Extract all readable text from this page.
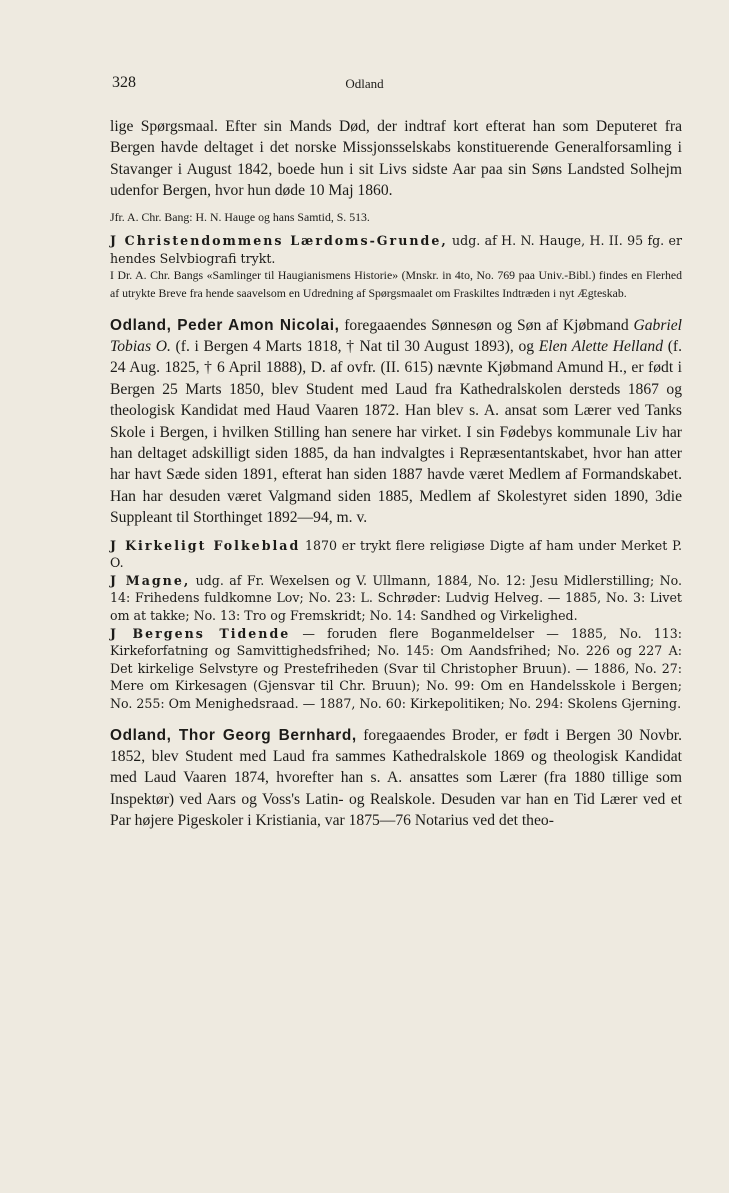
328	Odland

lige Spørgsmaal. Efter sin Mands Død, der indtraf kort efterat han som Deputeret fra Bergen havde deltaget i det norske Missjonsselskabs konstituerende Generalforsamling i Stavanger i August 1842, boede hun i sit Livs sidste Aar paa sin Søns Landsted Solhejm udenfor Bergen, hvor hun døde 10 Maj 1860.

Jfr. A. Chr. Bang: H. N. Hauge og hans Samtid, S. 513.

J Christendommens Lærdoms-Grunde, udg. af H. N. Hauge, H. II. 95 fg. er hendes Selvbiografi trykt.

I Dr. A. Chr. Bangs «Samlinger til Haugianismens Historie» (Mnskr. in 4to, No. 769 paa Univ.-Bibl.) findes en Flerhed af utrykte Breve fra hende saavelsom en Udredning af Spørgsmaalet om Fraskiltes Indtræden i nyt Ægteskab.

Odland, Peder Amon Nicolai, foregaaendes Sønnesøn og Søn af Kjøbmand Gabriel Tobias O. (f. i Bergen 4 Marts 1818, † Nat til 30 August 1893), og Elen Alette Helland (f. 24 Aug. 1825, † 6 April 1888), D. af ovfr. (II. 615) nævnte Kjøbmand Amund H., er født i Bergen 25 Marts 1850, blev Student med Laud fra Kathedralskolen dersteds 1867 og theologisk Kandidat med Haud Vaaren 1872. Han blev s. A. ansat som Lærer ved Tanks Skole i Bergen, i hvilken Stilling han senere har virket. I sin Fødebys kommunale Liv har han deltaget adskilligt siden 1885, da han indvalgtes i Repræsentantskabet, hvor han atter har havt Sæde siden 1891, efterat han siden 1887 havde været Medlem af Formandskabet. Han har desuden været Valgmand siden 1885, Medlem af Skolestyret siden 1890, 3die Suppleant til Storthinget 1892—94, m. v.

J Kirkeligt Folkeblad 1870 er trykt flere religiøse Digte af ham under Merket P. O.

J Magne, udg. af Fr. Wexelsen og V. Ullmann, 1884, No. 12: Jesu Midlerstilling; No. 14: Frihedens fuldkomne Lov; No. 23: L. Schrøder: Ludvig Helveg. — 1885, No. 3: Livet om at takke; No. 13: Tro og Fremskridt; No. 14: Sandhed og Virkelighed.

J Bergens Tidende — foruden flere Boganmeldelser — 1885, No. 113: Kirkeforfatning og Samvittighedsfrihed; No. 145: Om Aandsfrihed; No. 226 og 227 A: Det kirkelige Selvstyre og Prestefriheden (Svar til Christopher Bruun). — 1886, No. 27: Mere om Kirkesagen (Gjensvar til Chr. Bruun); No. 99: Om en Handelsskole i Bergen; No. 255: Om Menighedsraad. — 1887, No. 60: Kirkepolitiken; No. 294: Skolens Gjerning.

Odland, Thor Georg Bernhard, foregaaendes Broder, er født i Bergen 30 Novbr. 1852, blev Student med Laud fra sammes Kathedralskole 1869 og theologisk Kandidat med Laud Vaaren 1874, hvorefter han s. A. ansattes som Lærer (fra 1880 tillige som Inspektør) ved Aars og Voss's Latin- og Realskole. Desuden var han en Tid Lærer ved et Par højere Pigeskoler i Kristiania, var 1875—76 Notarius ved det theo-
